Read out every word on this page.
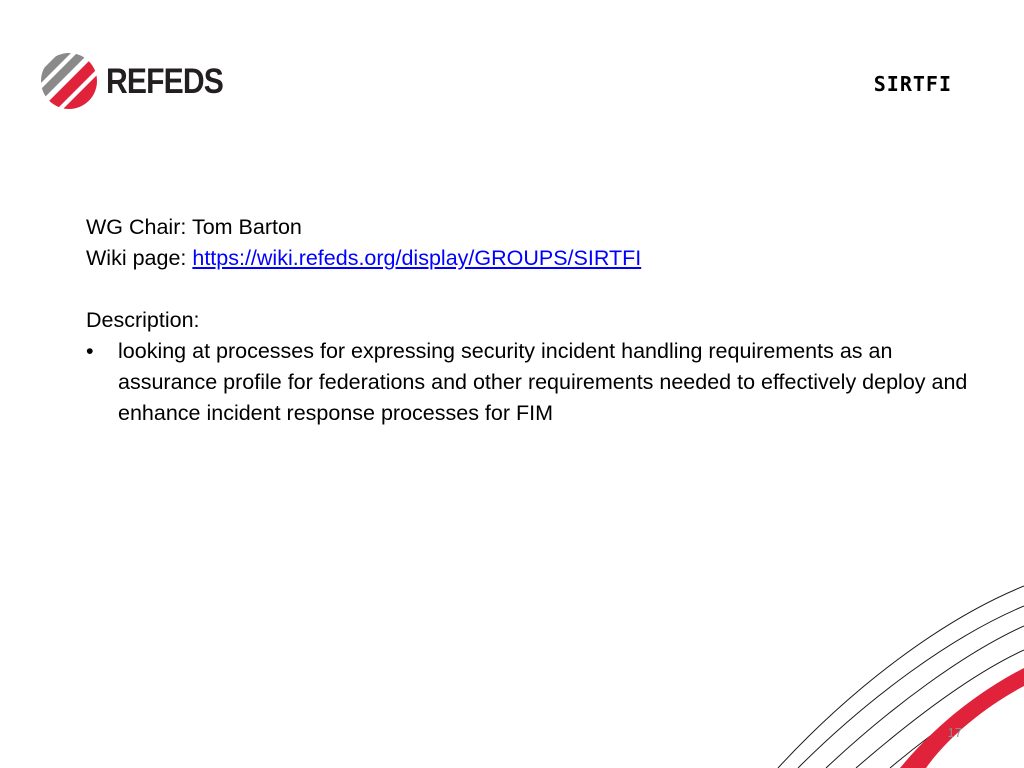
REFEDS	SIRTFI
WG Chair: Tom Barton
Wiki page: https://wiki.refeds.org/display/GROUPS/SIRTFI
Description:
•	looking at processes for expressing security incident handling requirements as an assurance profile for federations and other requirements needed to effectively deploy and enhance incident response processes for FIM
17
